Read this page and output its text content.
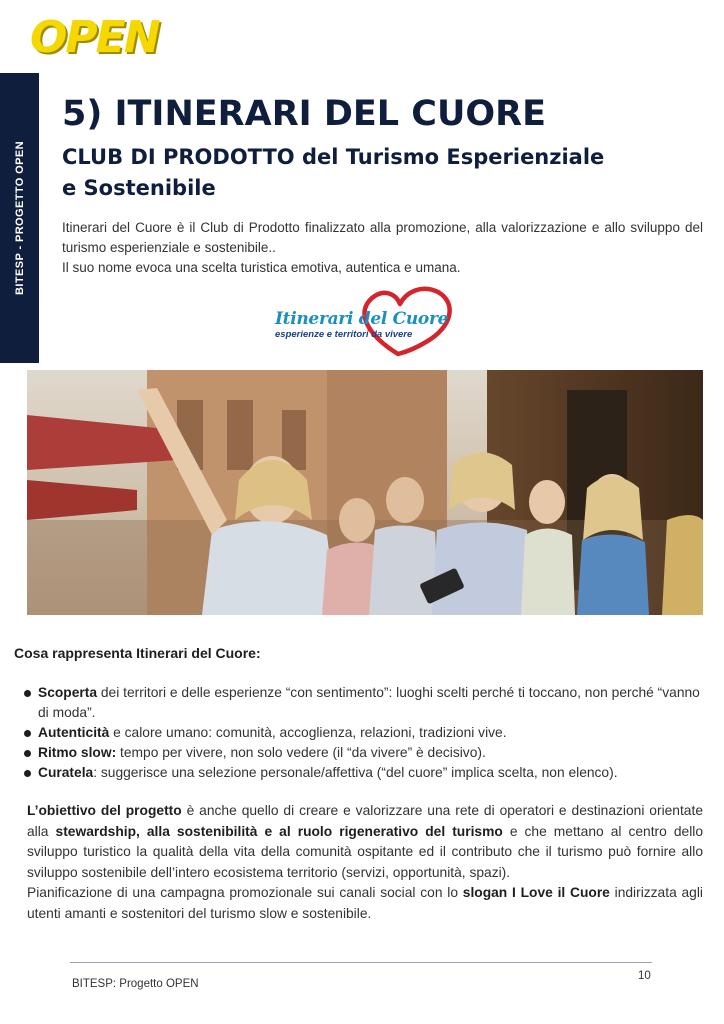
OPEN
BITESP - PROGETTO OPEN
5) ITINERARI DEL CUORE
CLUB DI PRODOTTO del Turismo Esperienziale
e Sostenibile

Itinerari del Cuore è il Club di Prodotto finalizzato alla promozione, alla valorizzazione e allo sviluppo del turismo esperienziale e sostenibile..

Il suo nome evoca una scelta turistica emotiva, autentica e umana.

Itinerari del Cuore
esperienze e territori da vivere
Cosa rappresenta Itinerari del Cuore:
Scoperta dei territori e delle esperienze “con sentimento”: luoghi scelti perché ti toccano, non perché “vanno di moda”.
Autenticità e calore umano: comunità, accoglienza, relazioni, tradizioni vive.
Ritmo slow: tempo per vivere, non solo vedere (il “da vivere” è decisivo).
Curatela: suggerisce una selezione personale/affettiva (“del cuore” implica scelta, non elenco).
L’obiettivo del progetto è anche quello di creare e valorizzare una rete di operatori e destinazioni orientate alla stewardship, alla sostenibilità e al ruolo rigenerativo del turismo e che mettano al centro dello sviluppo turistico la qualità della vita della comunità ospitante ed il contributo che il turismo può fornire allo sviluppo sostenibile dell’intero ecosistema territorio (servizi, opportunità, spazi).
Pianificazione di una campagna promozionale sui canali social con lo slogan I Love il Cuore indirizzata agli utenti amanti e sostenitori del turismo slow e sostenibile.
BITESP: Progetto OPEN
10
